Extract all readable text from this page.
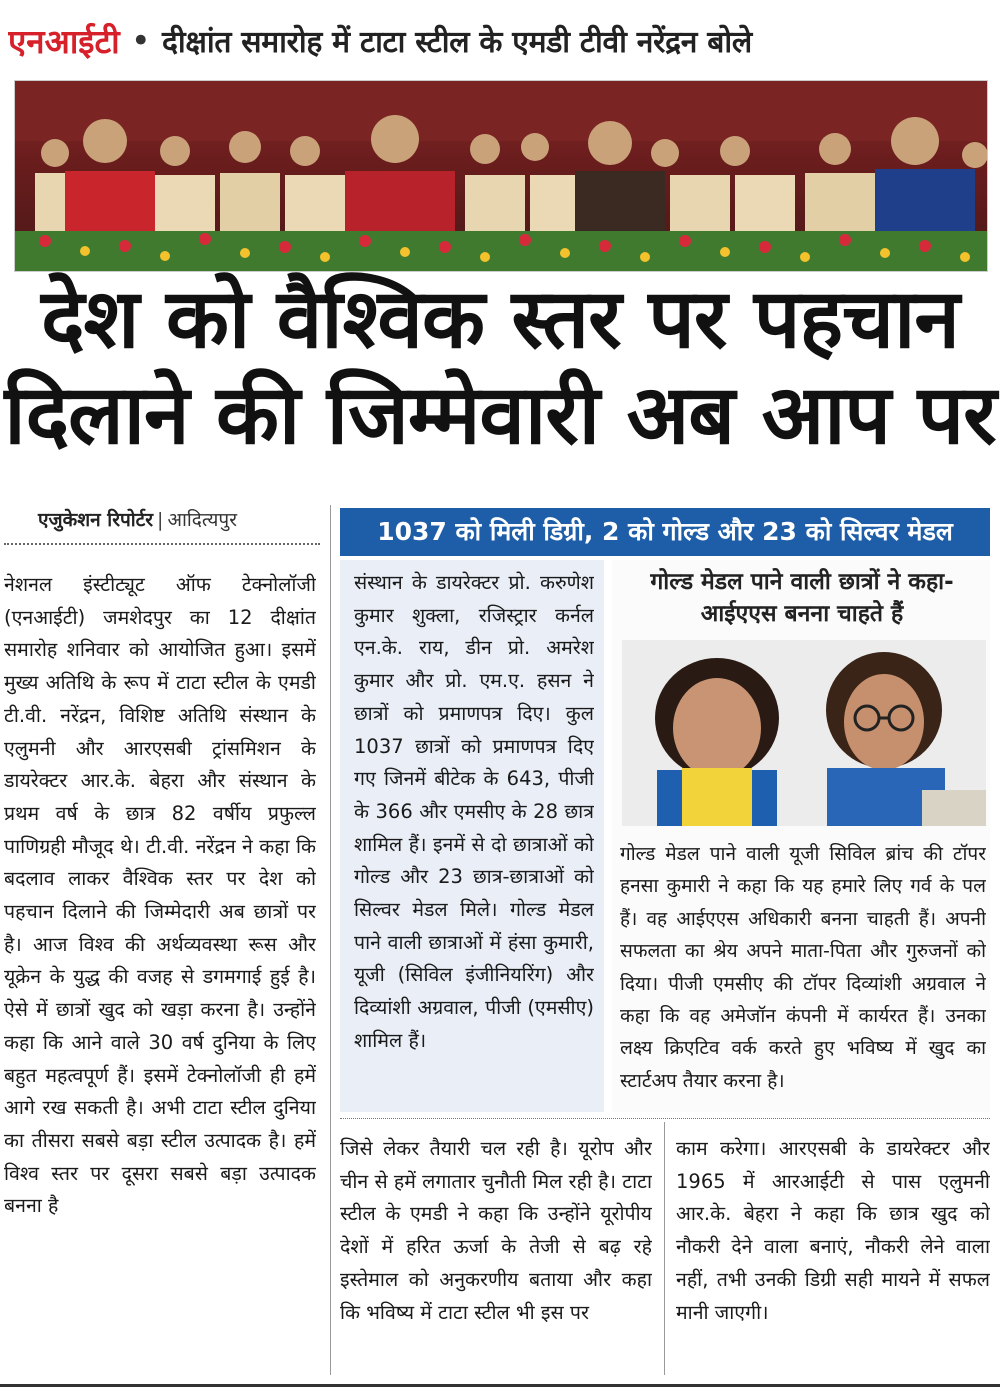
एनआईटी • दीक्षांत समारोह में टाटा स्टील के एमडी टीवी नरेंद्रन बोले
देश को वैश्विक स्तर पर पहचान
दिलाने की जिम्मेवारी अब आप पर
एजुकेशन रिपोर्टर | आदित्यपुर	1037 को मिली डिग्री, 2 को गोल्ड और 23 को सिल्वर मेडल
नेशनल इंस्टीट्यूट ऑफ टेक्नोलॉजी (एनआईटी) जमशेदपुर का 12 दीक्षांत समारोह शनिवार को आयोजित हुआ। इसमें मुख्य अतिथि के रूप में टाटा स्टील के एमडी टी.वी. नरेंद्रन, विशिष्ट अतिथि संस्थान के एलुमनी और आरएसबी ट्रांसमिशन के डायरेक्टर आर.के. बेहरा और संस्थान के प्रथम वर्ष के छात्र 82 वर्षीय प्रफुल्ल पाणिग्रही मौजूद थे। टी.वी. नरेंद्रन ने कहा कि बदलाव लाकर वैश्विक स्तर पर देश को पहचान दिलाने की जिम्मेदारी अब छात्रों पर है। आज विश्व की अर्थव्यवस्था रूस और यूक्रेन के युद्ध की वजह से डगमगाई हुई है। ऐसे में छात्रों खुद को खड़ा करना है। उन्होंने कहा कि आने वाले 30 वर्ष दुनिया के लिए बहुत महत्वपूर्ण हैं। इसमें टेक्नोलॉजी ही हमें आगे रख सकती है। अभी टाटा स्टील दुनिया का तीसरा सबसे बड़ा स्टील उत्पादक है। हमें विश्व स्तर पर दूसरा सबसे बड़ा उत्पादक बनना है
संस्थान के डायरेक्टर प्रो. करुणेश कुमार शुक्ला, रजिस्ट्रार कर्नल एन.के. राय, डीन प्रो. अमरेश कुमार और प्रो. एम.ए. हसन ने छात्रों को प्रमाणपत्र दिए। कुल 1037 छात्रों को प्रमाणपत्र दिए गए जिनमें बीटेक के 643, पीजी के 366 और एमसीए के 28 छात्र शामिल हैं। इनमें से दो छात्राओं को गोल्ड और 23 छात्र-छात्राओं को सिल्वर मेडल मिले। गोल्ड मेडल पाने वाली छात्राओं में हंसा कुमारी, यूजी (सिविल इंजीनियरिंग) और दिव्यांशी अग्रवाल, पीजी (एमसीए) शामिल हैं।
गोल्ड मेडल पाने वाली छात्रों ने कहा- आईएएस बनना चाहते हैं
गोल्ड मेडल पाने वाली यूजी सिविल ब्रांच की टॉपर हनसा कुमारी ने कहा कि यह हमारे लिए गर्व के पल हैं। वह आईएएस अधिकारी बनना चाहती हैं। अपनी सफलता का श्रेय अपने माता-पिता और गुरुजनों को दिया। पीजी एमसीए की टॉपर दिव्यांशी अग्रवाल ने कहा कि वह अमेजॉन कंपनी में कार्यरत हैं। उनका लक्ष्य क्रिएटिव वर्क करते हुए भविष्य में खुद का स्टार्टअप तैयार करना है।
जिसे लेकर तैयारी चल रही है। यूरोप और चीन से हमें लगातार चुनौती मिल रही है। टाटा स्टील के एमडी ने कहा कि उन्होंने यूरोपीय देशों में हरित ऊर्जा के तेजी से बढ़ रहे इस्तेमाल को अनुकरणीय बताया और कहा कि भविष्य में टाटा स्टील भी इस पर
काम करेगा। आरएसबी के डायरेक्टर और 1965 में आरआईटी से पास एलुमनी आर.के. बेहरा ने कहा कि छात्र खुद को नौकरी देने वाला बनाएं, नौकरी लेने वाला नहीं, तभी उनकी डिग्री सही मायने में सफल मानी जाएगी।
